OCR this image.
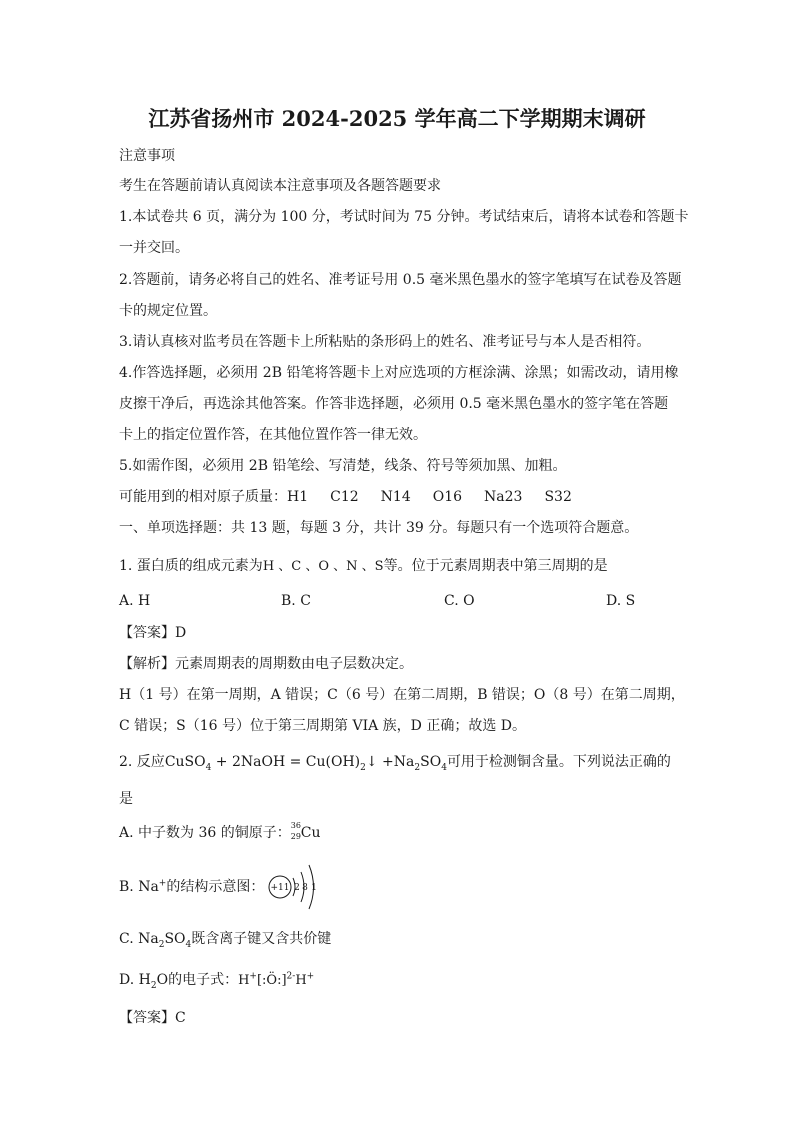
江苏省扬州市 2024-2025 学年高二下学期期末调研
注意事项
考生在答题前请认真阅读本注意事项及各题答题要求
1.本试卷共 6 页，满分为 100 分，考试时间为 75 分钟。考试结束后，请将本试卷和答题卡
一并交回。
2.答题前，请务必将自己的姓名、准考证号用 0.5 毫米黑色墨水的签字笔填写在试卷及答题
卡的规定位置。
3.请认真核对监考员在答题卡上所粘贴的条形码上的姓名、准考证号与本人是否相符。
4.作答选择题，必须用 2B 铅笔将答题卡上对应选项的方框涂满、涂黑；如需改动，请用橡
皮擦干净后，再选涂其他答案。作答非选择题，必须用 0.5 毫米黑色墨水的签字笔在答题
卡上的指定位置作答，在其他位置作答一律无效。
5.如需作图，必须用 2B 铅笔绘、写清楚，线条、符号等须加黑、加粗。
可能用到的相对原子质量：H1 C12 N14 O16 Na23 S32
一、单项选择题：共 13 题，每题 3 分，共计 39 分。每题只有一个选项符合题意。
1. 蛋白质的组成元素为H 、C 、O 、N 、S等。位于元素周期表中第三周期的是
A. H	B. C	C. O	D. S
【答案】D
【解析】元素周期表的周期数由电子层数决定。
H（1 号）在第一周期，A 错误；C（6 号）在第二周期，B 错误；O（8 号）在第二周期，
C 错误；S（16 号）位于第三周期第 VIA 族，D 正确；故选 D。
2. 反应CuSO$_4$ + 2NaOH = $Cu(OH)_2↓ +Na_2SO_4$可用于检测铜含量。下列说法正确的
是
A. 中子数为 36 的铜原子： 36
29 Cu
B. Na+的结构示意图： +11 2 8 1
C. $Na_2SO_4$既含离子键又含共价键
D. $H_2O$的电子式：H+[:Ö:]$^{2-}$H+
【答案】C
